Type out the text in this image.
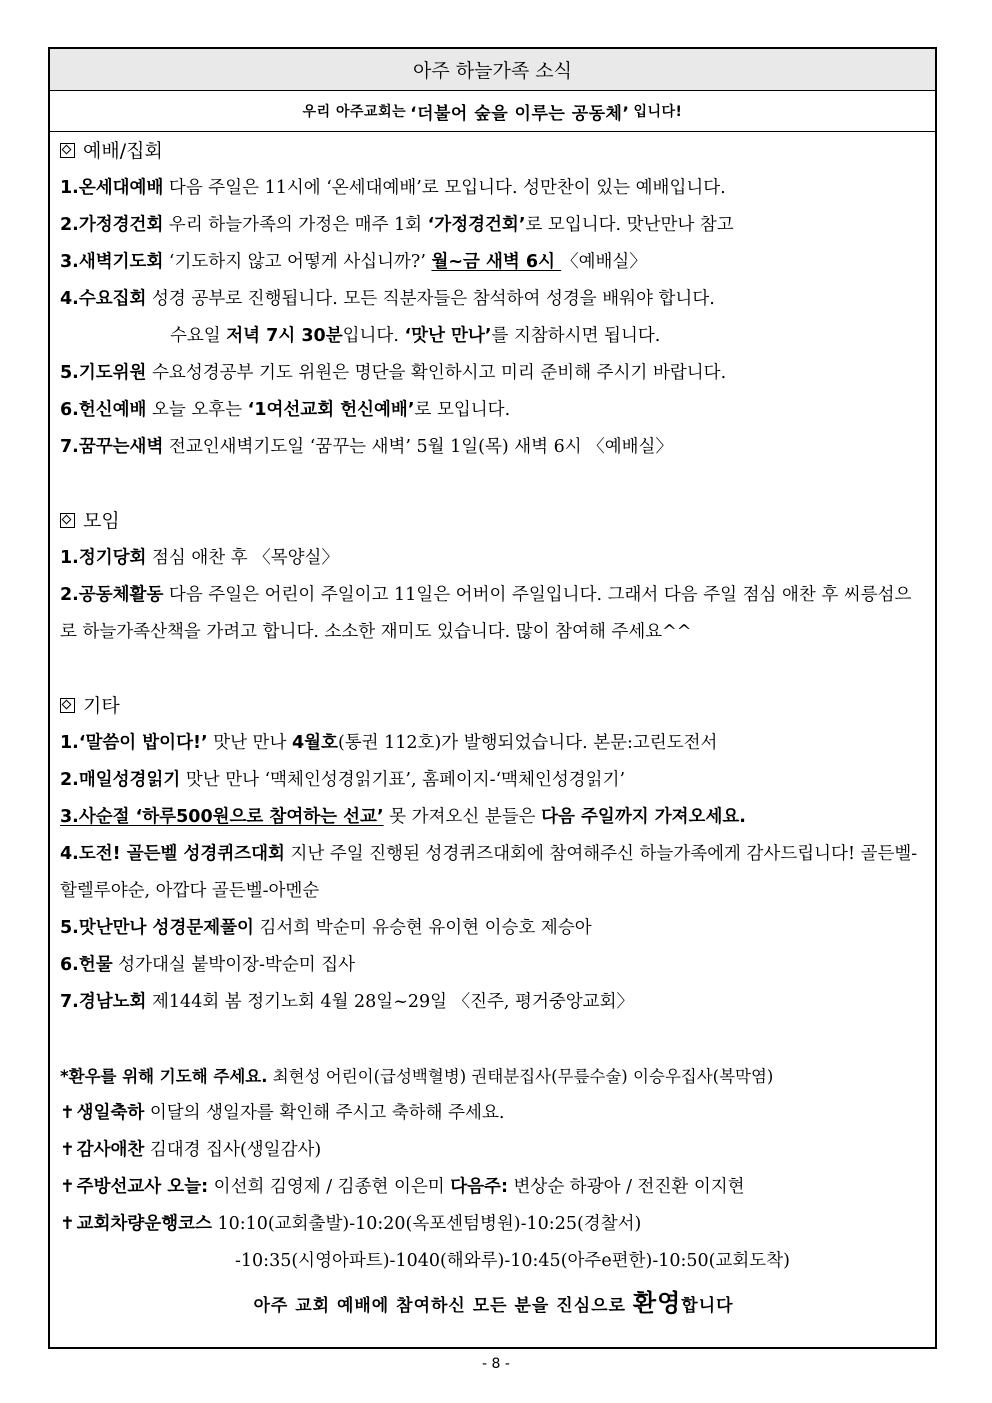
아주 하늘가족 소식
우리 아주교회는 ‘더불어 숲을 이루는 공동체’ 입니다!
예배/집회
1.온세대예배 다음 주일은 11시에 ‘온세대예배’로 모입니다. 성만찬이 있는 예배입니다.
2.가정경건회 우리 하늘가족의 가정은 매주 1회 ‘가정경건회’로 모입니다. 맛난만나 참고
3.새벽기도회 ‘기도하지 않고 어떻게 사십니까?’ 월~금 새벽 6시 〈예배실〉
4.수요집회 성경 공부로 진행됩니다. 모든 직분자들은 참석하여 성경을 배워야 합니다.
수요일 저녁 7시 30분입니다. ‘맛난 만나’를 지참하시면 됩니다.
5.기도위원 수요성경공부 기도 위원은 명단을 확인하시고 미리 준비해 주시기 바랍니다.
6.헌신예배 오늘 오후는 ‘1여선교회 헌신예배’로 모입니다.
7.꿈꾸는새벽 전교인새벽기도일 ‘꿈꾸는 새벽’ 5월 1일(목) 새벽 6시 〈예배실〉
모임
1.정기당회 점심 애찬 후 〈목양실〉
2.공동체활동 다음 주일은 어린이 주일이고 11일은 어버이 주일입니다. 그래서 다음 주일 점심 애찬 후 씨릉섬으로 하늘가족산책을 가려고 합니다. 소소한 재미도 있습니다. 많이 참여해 주세요^^
기타
1.‘말씀이 밥이다!’ 맛난 만나 4월호(통권 112호)가 발행되었습니다. 본문:고린도전서
2.매일성경읽기 맛난 만나 ‘맥체인성경읽기표’, 홈페이지-‘맥체인성경읽기’
3.사순절 ‘하루500원으로 참여하는 선교’ 못 가져오신 분들은 다음 주일까지 가져오세요.
4.도전! 골든벨 성경퀴즈대회 지난 주일 진행된 성경퀴즈대회에 참여해주신 하늘가족에게 감사드립니다! 골든벨-할렐루야순, 아깝다 골든벨-아멘순
5.맛난만나 성경문제풀이 김서희 박순미 유승현 유이현 이승호 제승아
6.헌물 성가대실 붙박이장-박순미 집사
7.경남노회 제144회 봄 정기노회 4월 28일~29일 〈진주, 평거중앙교회〉
*환우를 위해 기도해 주세요. 최현성 어린이(급성백혈병) 권태분집사(무릎수술) 이승우집사(복막염)
✝ 생일축하 이달의 생일자를 확인해 주시고 축하해 주세요.
✝ 감사애찬 김대경 집사(생일감사)
✝ 주방선교사 오늘: 이선희 김영제 / 김종현 이은미 다음주: 변상순 하광아 / 전진환 이지현
✝ 교회차량운행코스 10:10(교회출발)-10:20(옥포센텀병원)-10:25(경찰서)
-10:35(시영아파트)-1040(해와루)-10:45(아주e편한)-10:50(교회도착)
아주 교회 예배에 참여하신 모든 분을 진심으로 환영합니다
- 8 -
